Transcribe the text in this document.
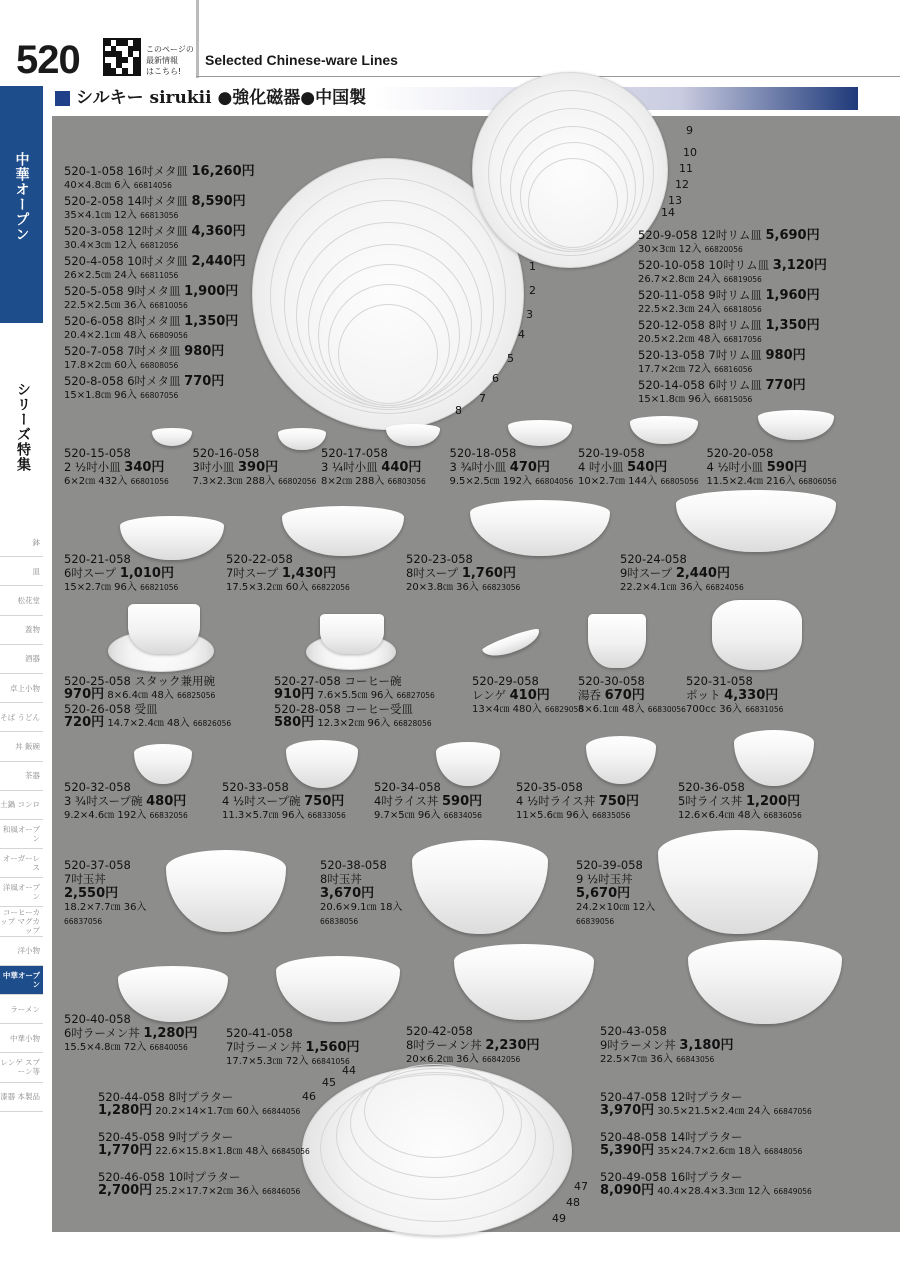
520	このページの
最新情報
はこちら!
Selected Chinese-ware Lines
シルキー sirukii ●強化磁器●中国製
中華オープン
シリーズ特集
鉢
皿
松花堂
蓋物
酒器
卓上小物
そば うどん
丼 飯碗
茶器
土鍋 コンロ
和風オーブン
オーガーレス
洋風オーブン
コーヒーカップ マグカップ
洋小物
中華オープン
ラーメン
中華小物
レンゲ スプーン等
漆器 本製品
520-1-058 16吋メタ皿 16,260円
40×4.8㎝ 6入 66814056
520-2-058 14吋メタ皿 8,590円
35×4.1㎝ 12入 66813056
520-3-058 12吋メタ皿 4,360円
30.4×3㎝ 12入 66812056
520-4-058 10吋メタ皿 2,440円
26×2.5㎝ 24入 66811056
520-5-058 9吋メタ皿 1,900円
22.5×2.5㎝ 36入 66810056
520-6-058 8吋メタ皿 1,350円
20.4×2.1㎝ 48入 66809056
520-7-058 7吋メタ皿 980円
17.8×2㎝ 60入 66808056
520-8-058 6吋メタ皿 770円
15×1.8㎝ 96入 66807056
520-9-058 12吋リム皿 5,690円
30×3㎝ 12入 66820056
520-10-058 10吋リム皿 3,120円
26.7×2.8㎝ 24入 66819056
520-11-058 9吋リム皿 1,960円
22.5×2.3㎝ 24入 66818056
520-12-058 8吋リム皿 1,350円
20.5×2.2㎝ 48入 66817056
520-13-058 7吋リム皿 980円
17.7×2㎝ 72入 66816056
520-14-058 6吋リム皿 770円
15×1.8㎝ 96入 66815056
1
2
3
4
5
6
7
8
9
10
11
12
13
14
520-15-058
2 ½吋小皿 340円
6×2㎝ 432入 66801056
520-16-058
3吋小皿 390円
7.3×2.3㎝ 288入 66802056
520-17-058
3 ¼吋小皿 440円
8×2㎝ 288入 66803056
520-18-058
3 ¾吋小皿 470円
9.5×2.5㎝ 192入 66804056
520-19-058
4 吋小皿 540円
10×2.7㎝ 144入 66805056
520-20-058
4 ½吋小皿 590円
11.5×2.4㎝ 216入 66806056
520-21-058
6吋スープ 1,010円
15×2.7㎝ 96入 66821056
520-22-058
7吋スープ 1,430円
17.5×3.2㎝ 60入 66822056
520-23-058
8吋スープ 1,760円
20×3.8㎝ 36入 66823056
520-24-058
9吋スープ 2,440円
22.2×4.1㎝ 36入 66824056
520-25-058 スタック兼用碗
970円 8×6.4㎝ 48入 66825056
520-26-058 受皿
720円 14.7×2.4㎝ 48入 66826056
520-27-058 コーヒー碗
910円 7.6×5.5㎝ 96入 66827056
520-28-058 コーヒー受皿
580円 12.3×2㎝ 96入 66828056
520-29-058
レンゲ 410円
13×4㎝ 480入 66829056
520-30-058
湯呑 670円
8×6.1㎝ 48入 66830056
520-31-058
ポット 4,330円
700cc 36入 66831056
520-32-058
3 ¾吋スープ碗 480円
9.2×4.6㎝ 192入 66832056
520-33-058
4 ½吋スープ碗 750円
11.3×5.7㎝ 96入 66833056
520-34-058
4吋ライス丼 590円
9.7×5㎝ 96入 66834056
520-35-058
4 ½吋ライス丼 750円
11×5.6㎝ 96入 66835056
520-36-058
5吋ライス丼 1,200円
12.6×6.4㎝ 48入 66836056
520-37-058
7吋玉丼
2,550円
18.2×7.7㎝ 36入
66837056
520-38-058
8吋玉丼
3,670円
20.6×9.1㎝ 18入
66838056
520-39-058
9 ½吋玉丼
5,670円
24.2×10㎝ 12入
66839056
520-40-058
6吋ラーメン丼 1,280円
15.5×4.8㎝ 72入 66840056
520-41-058
7吋ラーメン丼 1,560円
17.7×5.3㎝ 72入 66841056
520-42-058
8吋ラーメン丼 2,230円
20×6.2㎝ 36入 66842056
520-43-058
9吋ラーメン丼 3,180円
22.5×7㎝ 36入 66843056
520-44-058 8吋プラター
1,280円 20.2×14×1.7㎝ 60入 66844056
520-45-058 9吋プラター
1,770円 22.6×15.8×1.8㎝ 48入 66845056
520-46-058 10吋プラター
2,700円 25.2×17.7×2㎝ 36入 66846056
520-47-058 12吋プラター
3,970円 30.5×21.5×2.4㎝ 24入 66847056
520-48-058 14吋プラター
5,390円 35×24.7×2.6㎝ 18入 66848056
520-49-058 16吋プラター
8,090円 40.4×28.4×3.3㎝ 12入 66849056
44
45
46
47
48
49
